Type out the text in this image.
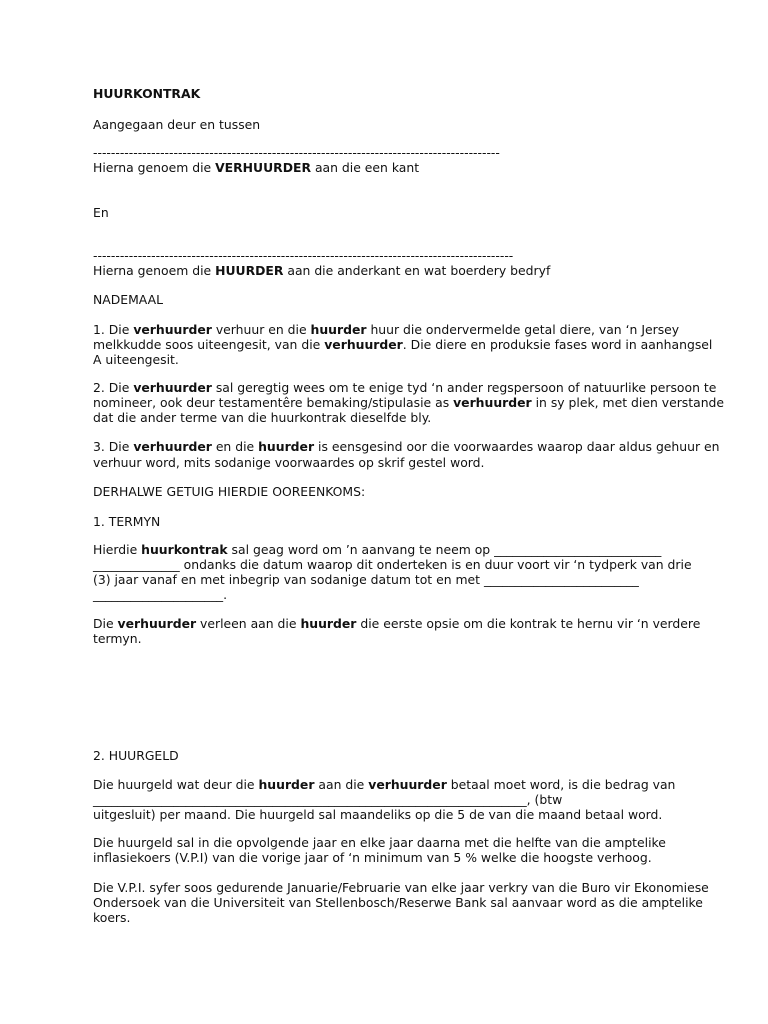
HUURKONTRAK
Aangegaan deur en tussen
-------------------------------------------------------------------------------------------
Hierna genoem die VERHUURDER aan die een kant
En
----------------------------------------------------------------------------------------------
Hierna genoem die HUURDER aan die anderkant en wat boerdery bedryf
NADEMAAL
1. Die verhuurder verhuur en die huurder huur die ondervermelde getal diere, van ‘n Jersey
melkkudde soos uiteengesit, van die verhuurder. Die diere en produksie fases word in aanhangsel
A uiteengesit.
2. Die verhuurder sal geregtig wees om te enige tyd ‘n ander regspersoon of natuurlike persoon te
nomineer, ook deur testamentêre bemaking/stipulasie as verhuurder in sy plek, met dien verstande
dat die ander terme van die huurkontrak dieselfde bly.
3. Die verhuurder en die huurder is eensgesind oor die voorwaardes waarop daar aldus gehuur en
verhuur word, mits sodanige voorwaardes op skrif gestel word.
DERHALWE GETUIG HIERDIE OOREENKOMS:
1. TERMYN
Hierdie huurkontrak sal geag word om ’n aanvang te neem op ___________________________
______________ ondanks die datum waarop dit onderteken is en duur voort vir ‘n tydperk van drie
(3) jaar vanaf en met inbegrip van sodanige datum tot en met _________________________
_____________________.
Die verhuurder verleen aan die huurder die eerste opsie om die kontrak te hernu vir ‘n verdere
termyn.
2. HUURGELD
Die huurgeld wat deur die huurder aan die verhuurder betaal moet word, is die bedrag van
______________________________________________________________________, (btw
uitgesluit) per maand. Die huurgeld sal maandeliks op die 5 de van die maand betaal word.
Die huurgeld sal in die opvolgende jaar en elke jaar daarna met die helfte van die amptelike
inflasiekoers (V.P.I) van die vorige jaar of ‘n minimum van 5 % welke die hoogste verhoog.
Die V.P.I. syfer soos gedurende Januarie/Februarie van elke jaar verkry van die Buro vir Ekonomiese
Ondersoek van die Universiteit van Stellenbosch/Reserwe Bank sal aanvaar word as die amptelike
koers.
